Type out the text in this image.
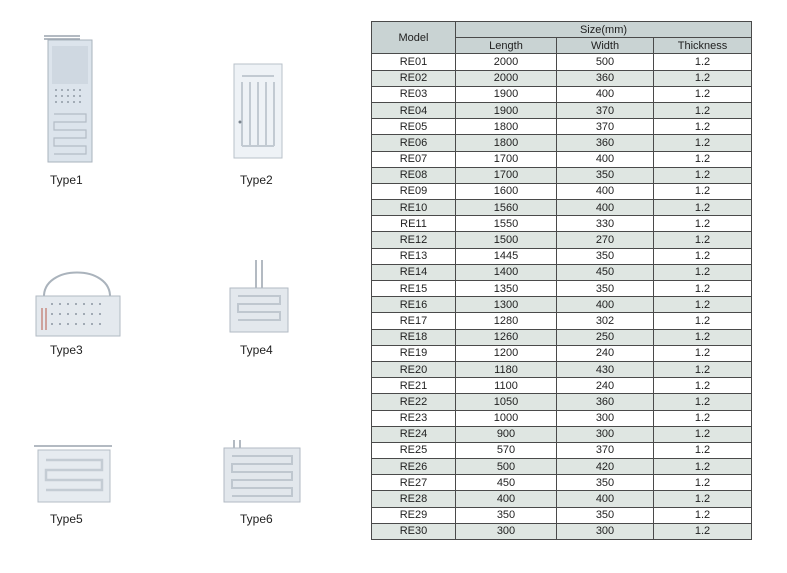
Type1	Type2
Type3	Type4
Type5	Type6
Model	Size(mm)		
	Length	Width	Thickness
RE01	2000	500	1.2
RE02	2000	360	1.2
RE03	1900	400	1.2
RE04	1900	370	1.2
RE05	1800	370	1.2
RE06	1800	360	1.2
RE07	1700	400	1.2
RE08	1700	350	1.2
RE09	1600	400	1.2
RE10	1560	400	1.2
RE11	1550	330	1.2
RE12	1500	270	1.2
RE13	1445	350	1.2
RE14	1400	450	1.2
RE15	1350	350	1.2
RE16	1300	400	1.2
RE17	1280	302	1.2
RE18	1260	250	1.2
RE19	1200	240	1.2
RE20	1180	430	1.2
RE21	1100	240	1.2
RE22	1050	360	1.2
RE23	1000	300	1.2
RE24	900	300	1.2
RE25	570	370	1.2
RE26	500	420	1.2
RE27	450	350	1.2
RE28	400	400	1.2
RE29	350	350	1.2
RE30	300	300	1.2
